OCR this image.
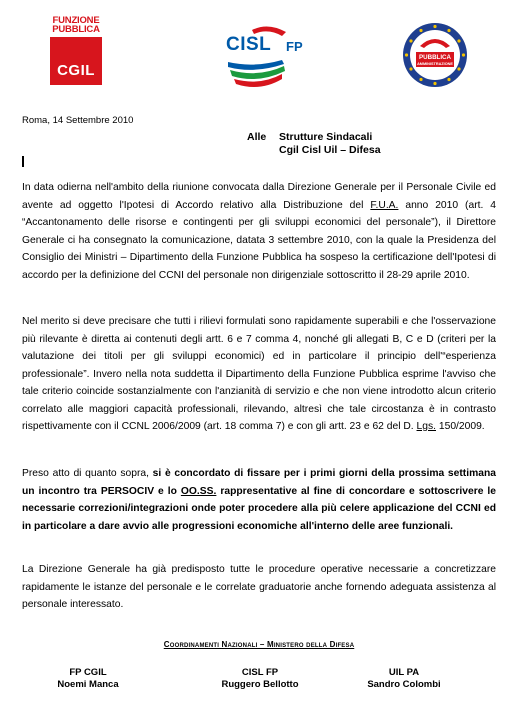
FUNZIONE
PUBBLICA
CGIL
CISL FP
PUBBLICA
AMMINISTRAZIONE
Roma, 14 Settembre 2010
Alle Strutture Sindacali
Cgil Cisl Uil – Difesa
In data odierna nell'ambito della riunione convocata dalla Direzione Generale per il Personale Civile ed avente ad oggetto l'Ipotesi di Accordo relativo alla Distribuzione del F.U.A. anno 2010 (art. 4 “Accantonamento delle risorse e contingenti per gli sviluppi economici del personale”), il Direttore Generale ci ha consegnato la comunicazione, datata 3 settembre 2010, con la quale la Presidenza del Consiglio dei Ministri – Dipartimento della Funzione Pubblica ha sospeso la certificazione dell'Ipotesi di accordo per la definizione del CCNI del personale non dirigenziale sottoscritto il 28-29 aprile 2010.
Nel merito si deve precisare che tutti i rilievi formulati sono rapidamente superabili e che l'osservazione più rilevante è diretta ai contenuti degli artt. 6 e 7 comma 4, nonché gli allegati B, C e D (criteri per la valutazione dei titoli per gli sviluppi economici) ed in particolare il principio dell'“esperienza professionale”. Invero nella nota suddetta il Dipartimento della Funzione Pubblica esprime l'avviso che tale criterio coincide sostanzialmente con l'anzianità di servizio e che non viene introdotto alcun criterio correlato alle maggiori capacità professionali, rilevando, altresì che tale circostanza è in contrasto rispettivamente con il CCNL 2006/2009 (art. 18 comma 7) e con gli artt. 23 e 62 del D. Lgs. 150/2009.
Preso atto di quanto sopra, si è concordato di fissare per i primi giorni della prossima settimana un incontro tra PERSOCIV e lo OO.SS. rappresentative al fine di concordare e sottoscrivere le necessarie correzioni/integrazioni onde poter procedere alla più celere applicazione del CCNI ed in particolare a dare avvio alle progressioni economiche all'interno delle aree funzionali.
La Direzione Generale ha già predisposto tutte le procedure operative necessarie a concretizzare rapidamente le istanze del personale e le correlate graduatorie anche fornendo adeguata assistenza al personale interessato.
Coordinamenti Nazionali – Ministero della Difesa
FP CGIL
Noemi Manca
CISL FP
Ruggero Bellotto
UIL PA
Sandro Colombi
